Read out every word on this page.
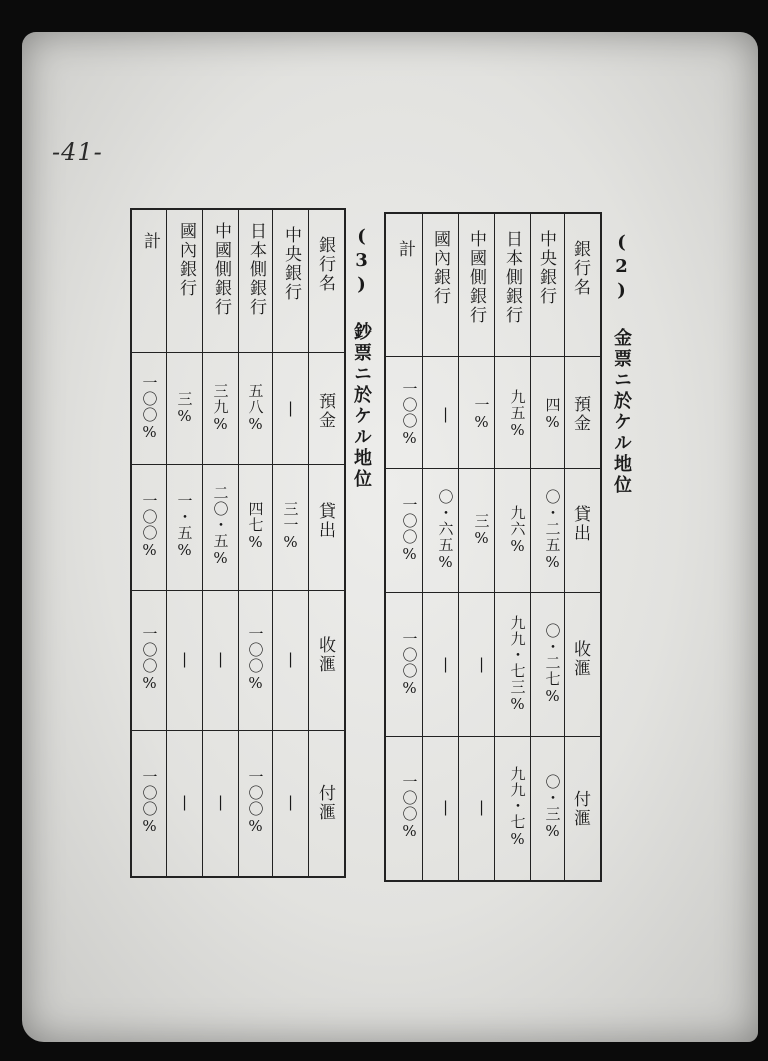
-41-
(2) 金票ニ於ケル地位
銀行名
預金
貸出
收滙
付滙
中央銀行
日本側銀行
中國側銀行
國內銀行
計
四%
〇・二五%
〇・二七%
〇・三%
九五%
九六%
九九・七三%
九九・七%
一%
三%
|
|
|
〇・六五%
|
|
一〇〇%
一〇〇%
一〇〇%
一〇〇%
(3) 鈔票ニ於ケル地位
銀行名
預金
貸出
收滙
付滙
中央銀行
日本側銀行
中國側銀行
國內銀行
計
|
三一%
|
|
五八%
四七%
一〇〇%
一〇〇%
三九%
二〇・五%
|
|
三%
一・五%
|
|
一〇〇%
一〇〇%
一〇〇%
一〇〇%
